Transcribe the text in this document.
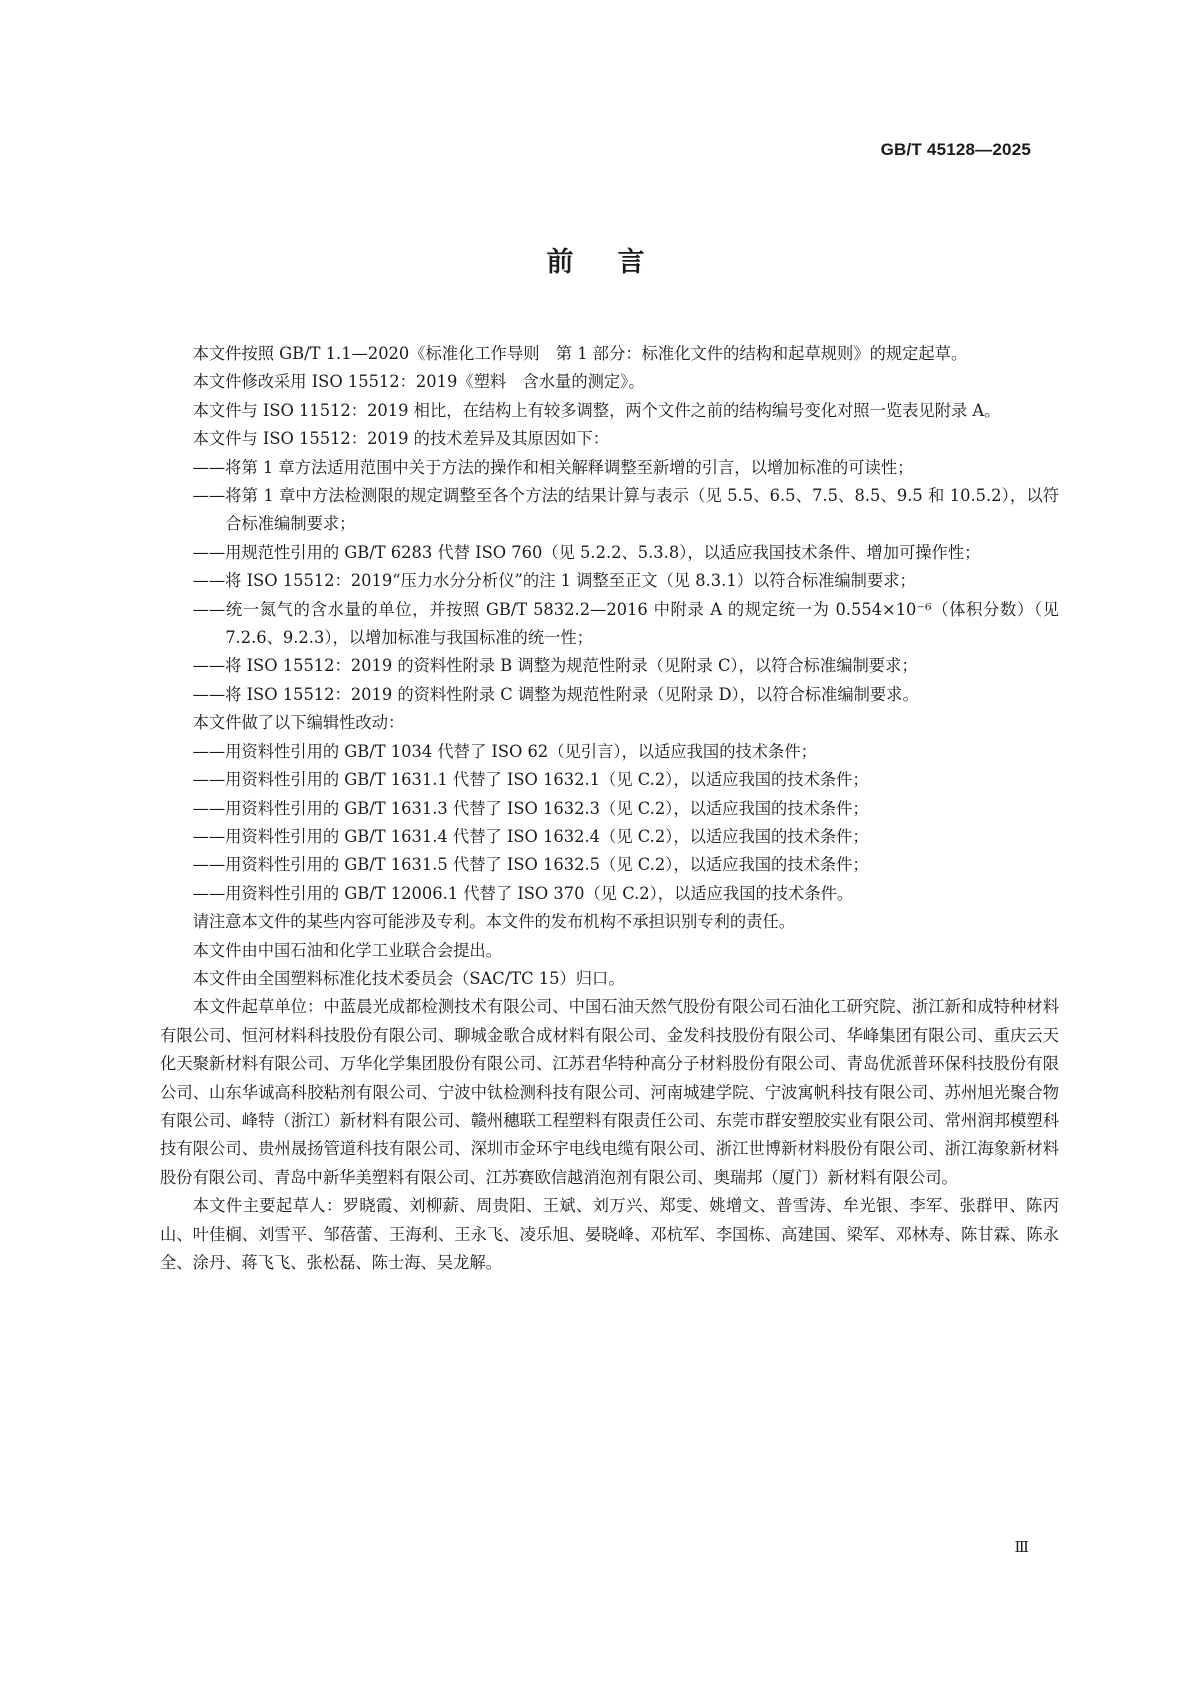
GB/T 45128—2025
前言

本文件按照 GB/T 1.1—2020《标准化工作导则　第 1 部分：标准化文件的结构和起草规则》的规定起草。

本文件修改采用 ISO 15512：2019《塑料　含水量的测定》。

本文件与 ISO 11512：2019 相比，在结构上有较多调整，两个文件之前的结构编号变化对照一览表见附录 A。

本文件与 ISO 15512：2019 的技术差异及其原因如下：

——将第 1 章方法适用范围中关于方法的操作和相关解释调整至新增的引言，以增加标准的可读性；

——将第 1 章中方法检测限的规定调整至各个方法的结果计算与表示（见 5.5、6.5、7.5、8.5、9.5 和 10.5.2），以符合标准编制要求；

——用规范性引用的 GB/T 6283 代替 ISO 760（见 5.2.2、5.3.8），以适应我国技术条件、增加可操作性；

——将 ISO 15512：2019“压力水分分析仪”的注 1 调整至正文（见 8.3.1）以符合标准编制要求；

——统一氮气的含水量的单位，并按照 GB/T 5832.2—2016 中附录 A 的规定统一为 0.554×10⁻⁶（体积分数）（见 7.2.6、9.2.3），以增加标准与我国标准的统一性；

——将 ISO 15512：2019 的资料性附录 B 调整为规范性附录（见附录 C），以符合标准编制要求；

——将 ISO 15512：2019 的资料性附录 C 调整为规范性附录（见附录 D），以符合标准编制要求。

本文件做了以下编辑性改动：

——用资料性引用的 GB/T 1034 代替了 ISO 62（见引言），以适应我国的技术条件；

——用资料性引用的 GB/T 1631.1 代替了 ISO 1632.1（见 C.2），以适应我国的技术条件；

——用资料性引用的 GB/T 1631.3 代替了 ISO 1632.3（见 C.2），以适应我国的技术条件；

——用资料性引用的 GB/T 1631.4 代替了 ISO 1632.4（见 C.2），以适应我国的技术条件；

——用资料性引用的 GB/T 1631.5 代替了 ISO 1632.5（见 C.2），以适应我国的技术条件；

——用资料性引用的 GB/T 12006.1 代替了 ISO 370（见 C.2），以适应我国的技术条件。

请注意本文件的某些内容可能涉及专利。本文件的发布机构不承担识别专利的责任。

本文件由中国石油和化学工业联合会提出。

本文件由全国塑料标准化技术委员会（SAC/TC 15）归口。

本文件起草单位：中蓝晨光成都检测技术有限公司、中国石油天然气股份有限公司石油化工研究院、浙江新和成特种材料有限公司、恒河材料科技股份有限公司、聊城金歌合成材料有限公司、金发科技股份有限公司、华峰集团有限公司、重庆云天化天聚新材料有限公司、万华化学集团股份有限公司、江苏君华特种高分子材料股份有限公司、青岛优派普环保科技股份有限公司、山东华诚高科胶粘剂有限公司、宁波中钛检测科技有限公司、河南城建学院、宁波寓帆科技有限公司、苏州旭光聚合物有限公司、峰特（浙江）新材料有限公司、赣州穗联工程塑料有限责任公司、东莞市群安塑胶实业有限公司、常州润邦模塑科技有限公司、贵州晟扬管道科技有限公司、深圳市金环宇电线电缆有限公司、浙江世博新材料股份有限公司、浙江海象新材料股份有限公司、青岛中新华美塑料有限公司、江苏赛欧信越消泡剂有限公司、奥瑞邦（厦门）新材料有限公司。

本文件主要起草人：罗晓霞、刘柳薪、周贵阳、王斌、刘万兴、郑雯、姚增文、普雪涛、牟光银、李军、张群甲、陈丙山、叶佳榈、刘雪平、邹蓓蕾、王海利、王永飞、凌乐旭、晏晓峰、邓杭军、李国栋、高建国、梁军、邓林寿、陈甘霖、陈永全、涂丹、蒋飞飞、张松磊、陈士海、吴龙解。

Ⅲ
